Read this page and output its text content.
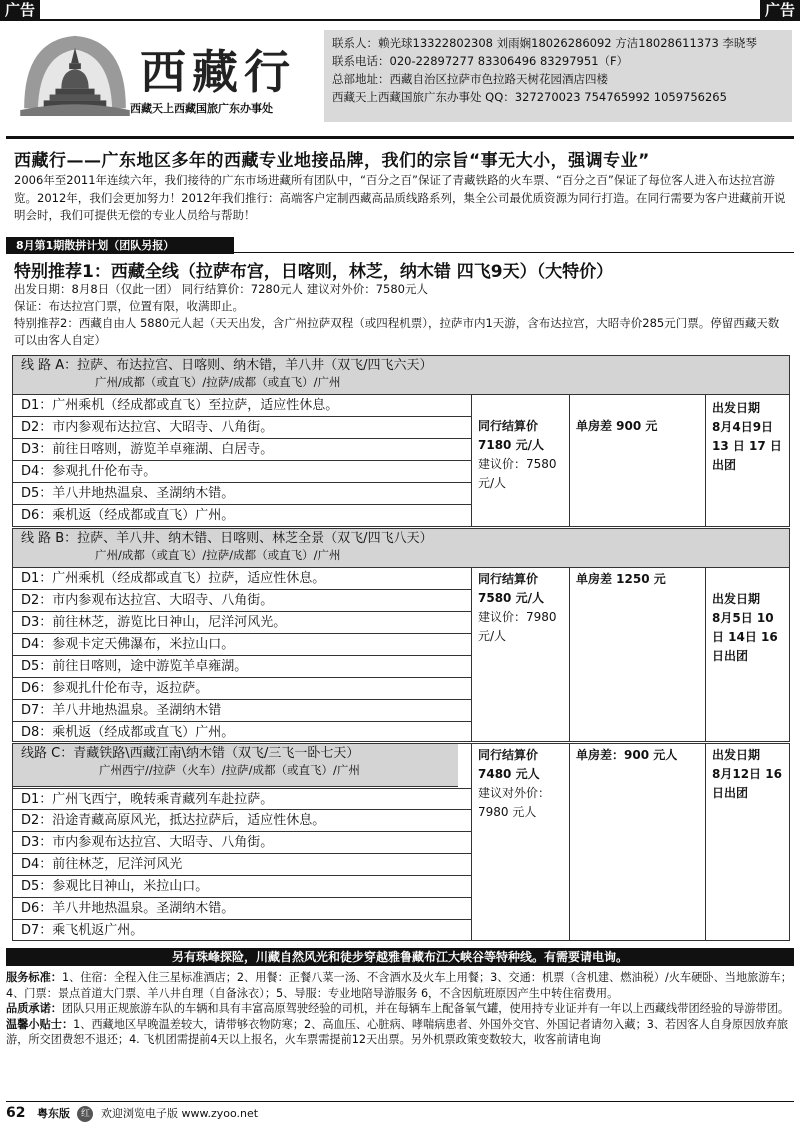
广告	广告
西藏行
西藏天上西藏国旅广东办事处
联系人：赖光球13322802308 刘雨娴18026286092 方洁18028611373 李晓琴
联系电话：020-22897277 83306496 83297951（F）
总部地址：西藏自治区拉萨市色拉路天树花园酒店四楼
西藏天上西藏国旅广东办事处 QQ：327270023 754765992 1059756265
西藏行——广东地区多年的西藏专业地接品牌，我们的宗旨“事无大小，强调专业”
2006年至2011年连续六年，我们接待的广东市场进藏所有团队中，“百分之百”保证了青藏铁路的火车票、“百分之百”保证了每位客人进入布达拉宫游览。2012年，我们会更加努力！2012年我们推行：高端客户定制西藏高品质线路系列，集全公司最优质资源为同行打造。在同行需要为客户进藏前开说明会时，我们可提供无偿的专业人员给与帮助！
8月第1期散拼计划（团队另报）
特别推荐1：西藏全线（拉萨布宫，日喀则，林芝，纳木错 四飞9天）（大特价）
出发日期：8月8日（仅此一团） 同行结算价：7280元人 建议对外价：7580元人
保证：布达拉宫门票，位置有限，收满即止。
特别推荐2：西藏自由人 5880元人起（天天出发，含广州拉萨双程（或四程机票），拉萨市内1天游，含布达拉宫，大昭寺价285元门票。停留西藏天数可以由客人自定）
线 路 A：拉萨、布达拉宫、日喀则、纳木错，羊八井（双飞/四飞六天）
广州/成都（或直飞）/拉萨/成都（或直飞）/广州
D1：广州乘机（经成都或直飞）至拉萨，适应性休息。
D2：市内参观布达拉宫、大昭寺、八角街。
D3：前往日喀则，游览羊卓雍湖、白居寺。
D4：参观扎什伦布寺。
D5：羊八井地热温泉、圣湖纳木错。
D6：乘机返（经成都或直飞）广州。
同行结算价
7180 元/人
建议价：7580元/人
单房差 900 元
出发日期
8月4日9日 13 日 17 日出团
线 路 B：拉萨、羊八井、纳木错、日喀则、林芝全景（双飞/四飞八天）
广州/成都（或直飞）/拉萨/成都（或直飞）/广州
D1：广州乘机（经成都或直飞）拉萨，适应性休息。
D2：市内参观布达拉宫、大昭寺、八角街。
D3：前往林芝，游览比日神山，尼洋河风光。
D4：参观卡定天佛瀑布，米拉山口。
D5：前往日喀则，途中游览羊卓雍湖。
D6：参观扎什伦布寺，返拉萨。
D7：羊八井地热温泉。圣湖纳木错
D8：乘机返（经成都或直飞）广州。
同行结算价
7580 元/人
建议价：7980元/人
单房差 1250 元
出发日期
8月5日 10日 14日 16日出团
线路 C：青藏铁路\西藏江南\纳木错（双飞/三飞一卧七天）
广州西宁//拉萨（火车）/拉萨/成都（或直飞）/广州
D1：广州飞西宁，晚转乘青藏列车赴拉萨。
D2：沿途青藏高原风光，抵达拉萨后，适应性休息。
D3：市内参观布达拉宫、大昭寺、八角街。
D4：前往林芝，尼洋河风光
D5：参观比日神山，米拉山口。
D6：羊八井地热温泉。圣湖纳木错。
D7：乘飞机返广州。
同行结算价
7480 元人
建议对外价：7980 元人
单房差：900 元人	出发日期
8月12日 16 日出团
另有珠峰探险，川藏自然风光和徒步穿越雅鲁藏布江大峡谷等特种线。有需要请电询。
服务标准：1、住宿：全程入住三星标准酒店；2、用餐：正餐八菜一汤、不含酒水及火车上用餐；3、交通：机票（含机建、燃油税）/火车硬卧、当地旅游车；4、门票：景点首道大门票、羊八井自理（自备泳衣）；5、导服：专业地陪导游服务 6，不含因航班原因产生中转住宿费用。
品质承诺：团队只用正规旅游车队的车辆和具有丰富高原驾驶经验的司机，并在每辆车上配备氧气罐，使用持专业证并有一年以上西藏线带团经验的导游带团。
温馨小贴士：1、西藏地区早晚温差较大，请带够衣物防寒；2、高血压、心脏病、哮喘病患者、外国外交官、外国记者请勿入藏；3、若因客人自身原因放弃旅游，所交团费恕不退还；4. 飞机团需提前4天以上报名，火车票需提前12天出票。另外机票政策变数较大，收客前请电询
62 粤东版 红 欢迎浏览电子版 www.zyoo.net
